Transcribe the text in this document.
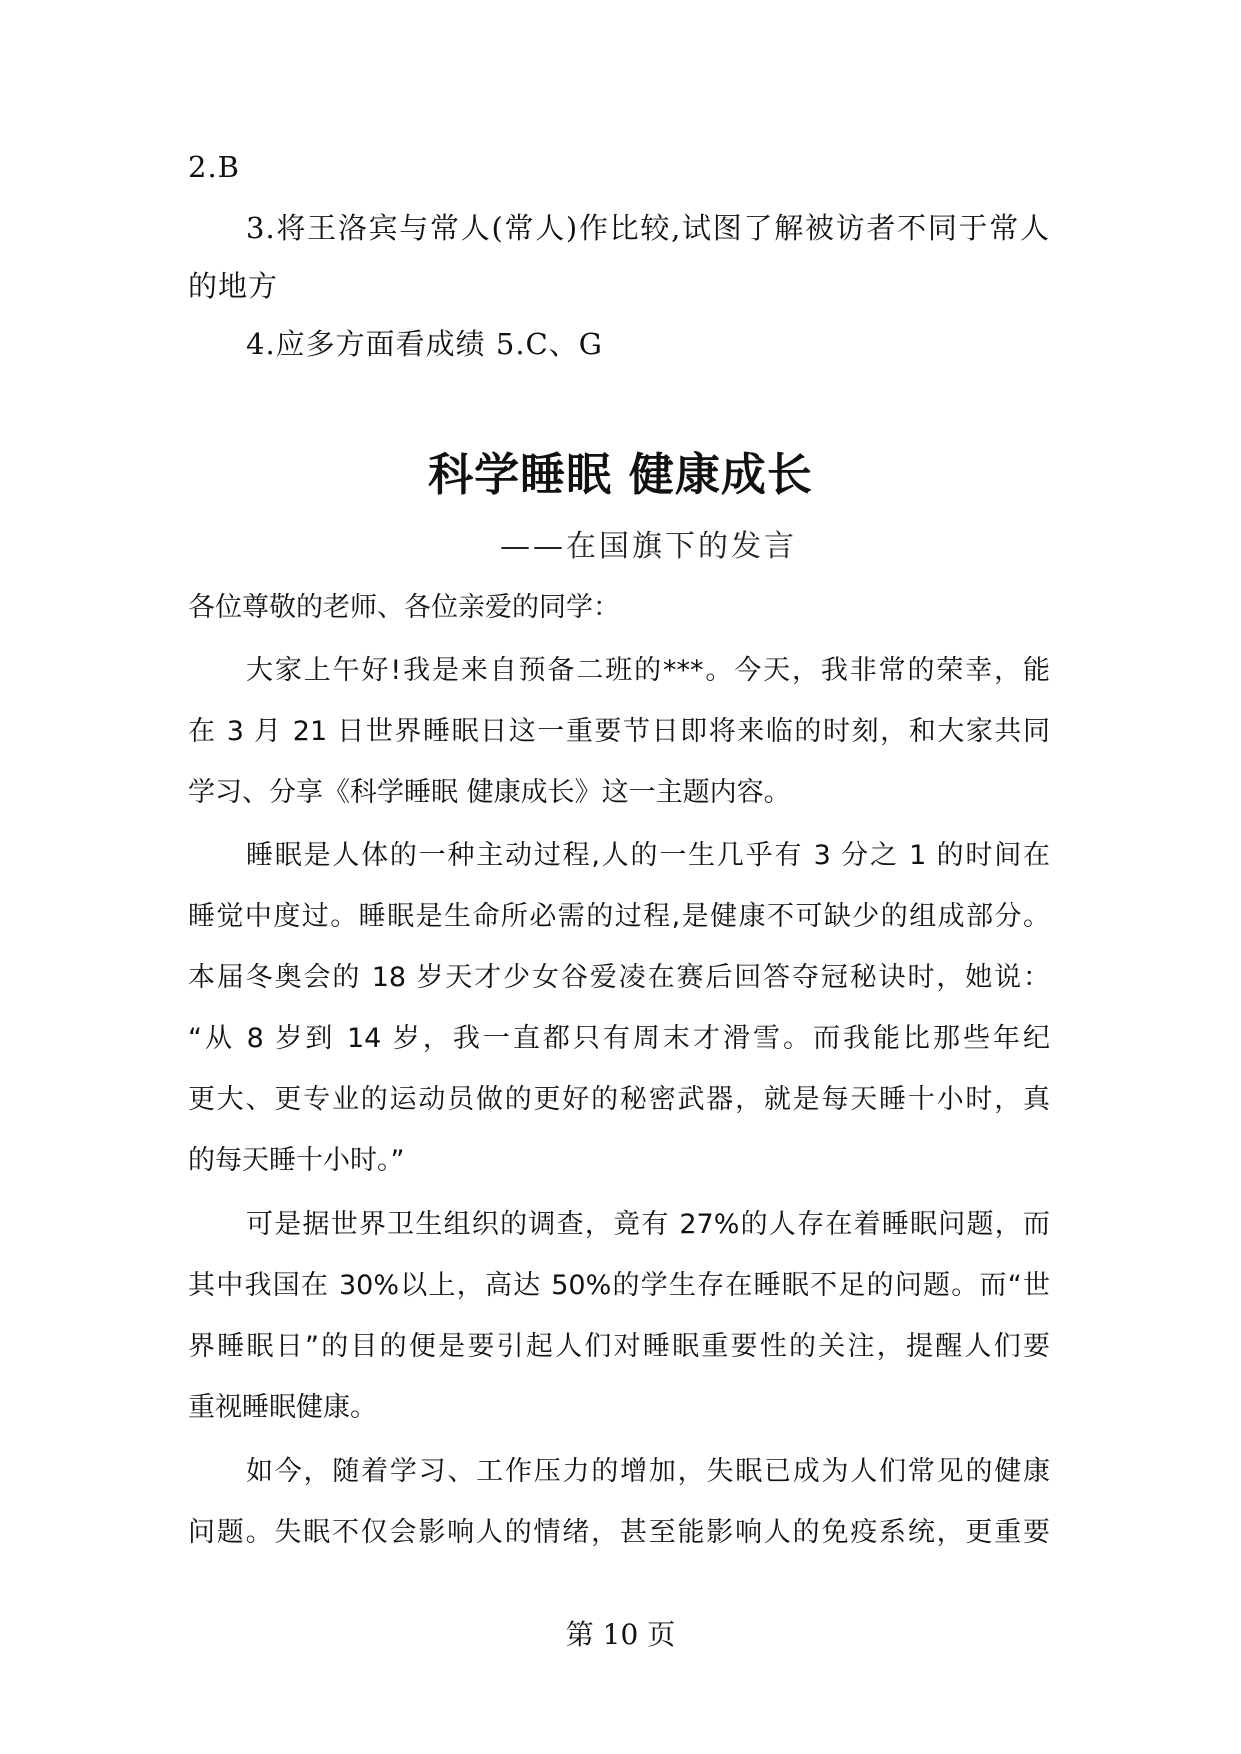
2.B

3.将王洛宾与常人(常人)作比较,试图了解被访者不同于常人

的地方

4.应多方面看成绩 5.C、G

科学睡眠 健康成长
——在国旗下的发言

各位尊敬的老师、各位亲爱的同学：

大家上午好!我是来自预备二班的***。今天，我非常的荣幸，能

在 3 月 21 日世界睡眠日这一重要节日即将来临的时刻，和大家共同

学习、分享《科学睡眠 健康成长》这一主题内容。

睡眠是人体的一种主动过程,人的一生几乎有 3 分之 1 的时间在

睡觉中度过。睡眠是生命所必需的过程,是健康不可缺少的组成部分。

本届冬奥会的 18 岁天才少女谷爱凌在赛后回答夺冠秘诀时，她说：

“从 8 岁到 14 岁，我一直都只有周末才滑雪。而我能比那些年纪

更大、更专业的运动员做的更好的秘密武器，就是每天睡十小时，真

的每天睡十小时。”

可是据世界卫生组织的调查，竟有 27%的人存在着睡眠问题，而

其中我国在 30%以上，高达 50%的学生存在睡眠不足的问题。而“世

界睡眠日”的目的便是要引起人们对睡眠重要性的关注，提醒人们要

重视睡眠健康。

如今，随着学习、工作压力的增加，失眠已成为人们常见的健康

问题。失眠不仅会影响人的情绪，甚至能影响人的免疫系统，更重要

第 10 页
